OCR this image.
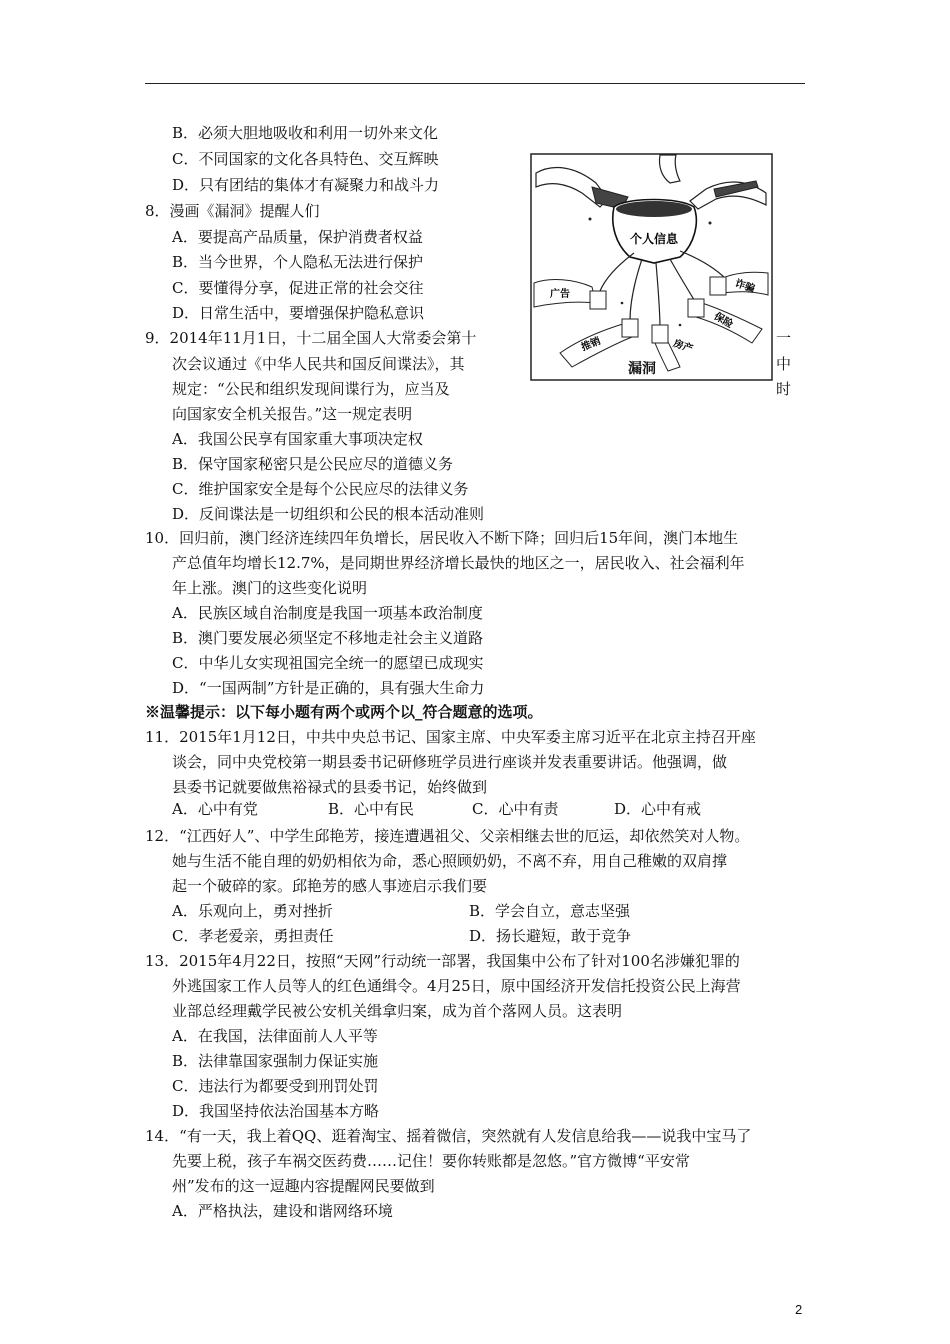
B．必须大胆地吸收和利用一切外来文化
C．不同国家的文化各具特色、交互辉映
D．只有团结的集体才有凝聚力和战斗力
8．漫画《漏洞》提醒人们
A．要提高产品质量，保护消费者权益
B．当今世界，个人隐私无法进行保护
C．要懂得分享，促进正常的社会交往
D．日常生活中，要增强保护隐私意识
9．2014年11月1日，十二届全国人大常委会第十	一
次会议通过《中华人民共和国反间谍法》，其	中
规定：“公民和组织发现间谍行为，应当及	时
向国家安全机关报告。”这一规定表明
A．我国公民享有国家重大事项决定权
B．保守国家秘密只是公民应尽的道德义务
C．维护国家安全是每个公民应尽的法律义务
D．反间谍法是一切组织和公民的根本活动准则
10．回归前，澳门经济连续四年负增长，居民收入不断下降；回归后15年间，澳门本地生
产总值年均增长12.7%，是同期世界经济增长最快的地区之一，居民收入、社会福利年
年上涨。澳门的这些变化说明
A．民族区域自治制度是我国一项基本政治制度
B．澳门要发展必须坚定不移地走社会主义道路
C．中华儿女实现祖国完全统一的愿望已成现实
D．“一国两制”方针是正确的，具有强大生命力
※温馨提示：以下每小题有两个或两个以_符合题意的选项。
11．2015年1月12日，中共中央总书记、国家主席、中央军委主席习近平在北京主持召开座
谈会，同中央党校第一期县委书记研修班学员进行座谈并发表重要讲话。他强调，做
县委书记就要做焦裕禄式的县委书记，始终做到
A．心中有党	B．心中有民	C．心中有责	D．心中有戒
12．“江西好人”、中学生邱艳芳，接连遭遇祖父、父亲相继去世的厄运，却依然笑对人物。
她与生活不能自理的奶奶相依为命，悉心照顾奶奶，不离不弃，用自己稚嫩的双肩撑
起一个破碎的家。邱艳芳的感人事迹启示我们要
A．乐观向上，勇对挫折	B．学会自立，意志坚强
C．孝老爱亲，勇担责任	D．扬长避短，敢于竞争
13．2015年4月22日，按照“天网”行动统一部署，我国集中公布了针对100名涉嫌犯罪的
外逃国家工作人员等人的红色通缉令。4月25日，原中国经济开发信托投资公民上海营
业部总经理戴学民被公安机关缉拿归案，成为首个落网人员。这表明
A．在我国，法律面前人人平等
B．法律靠国家强制力保证实施
C．违法行为都要受到刑罚处罚
D．我国坚持依法治国基本方略
14．“有一天，我上着QQ、逛着淘宝、摇着微信，突然就有人发信息给我——说我中宝马了
先要上税，孩子车祸交医药费……记住！要你转账都是忽悠。”官方微博“平安常
州”发布的这一逗趣内容提醒网民要做到
A．严格执法，建设和谐网络环境
个人信息
广告
推销
诈骗
保险
房产
漏洞
2
